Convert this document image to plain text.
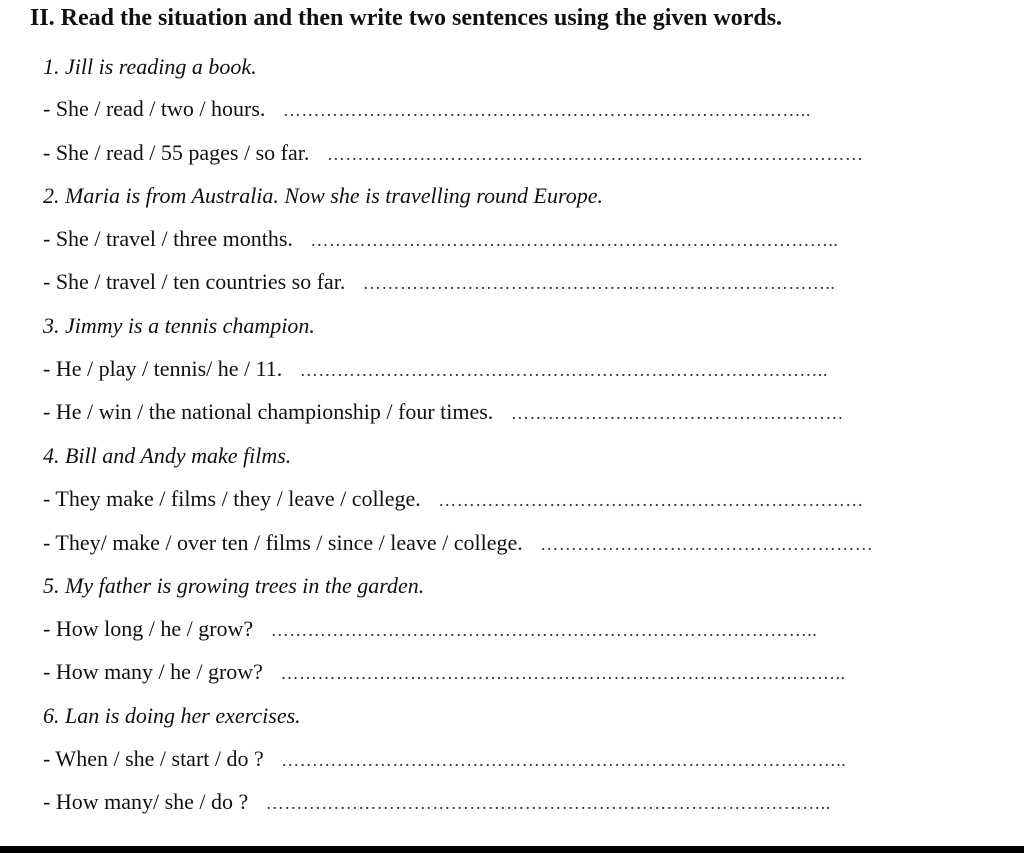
II. Read the situation and then write two sentences using the given words.
1. Jill is reading a book.
- She / read / two / hours. …………………………………………………………………………..
- She / read / 55 pages / so far. ……………………………………………………………………………
2. Maria is from Australia. Now she is travelling round Europe.
- She / travel / three months. …………………………………………………………………………..
- She / travel / ten countries so far. …………………………………………………………………..
3. Jimmy is a tennis champion.
- He / play / tennis/ he / 11. …………………………………………………………………………..
- He / win / the national championship / four times. ………………………………………………
4. Bill and Andy make films.
- They make / films / they / leave / college. ……………………………………………………………
- They/ make / over ten / films / since / leave / college. ………………………………………………
5. My father is growing trees in the garden.
- How long / he / grow? ……………………………………………………………………………..
- How many / he / grow? ………………………………………………………………………………..
6. Lan is doing her exercises.
- When / she / start / do ? ………………………………………………………………………………..
- How many/ she / do ? ………………………………………………………………………………..
